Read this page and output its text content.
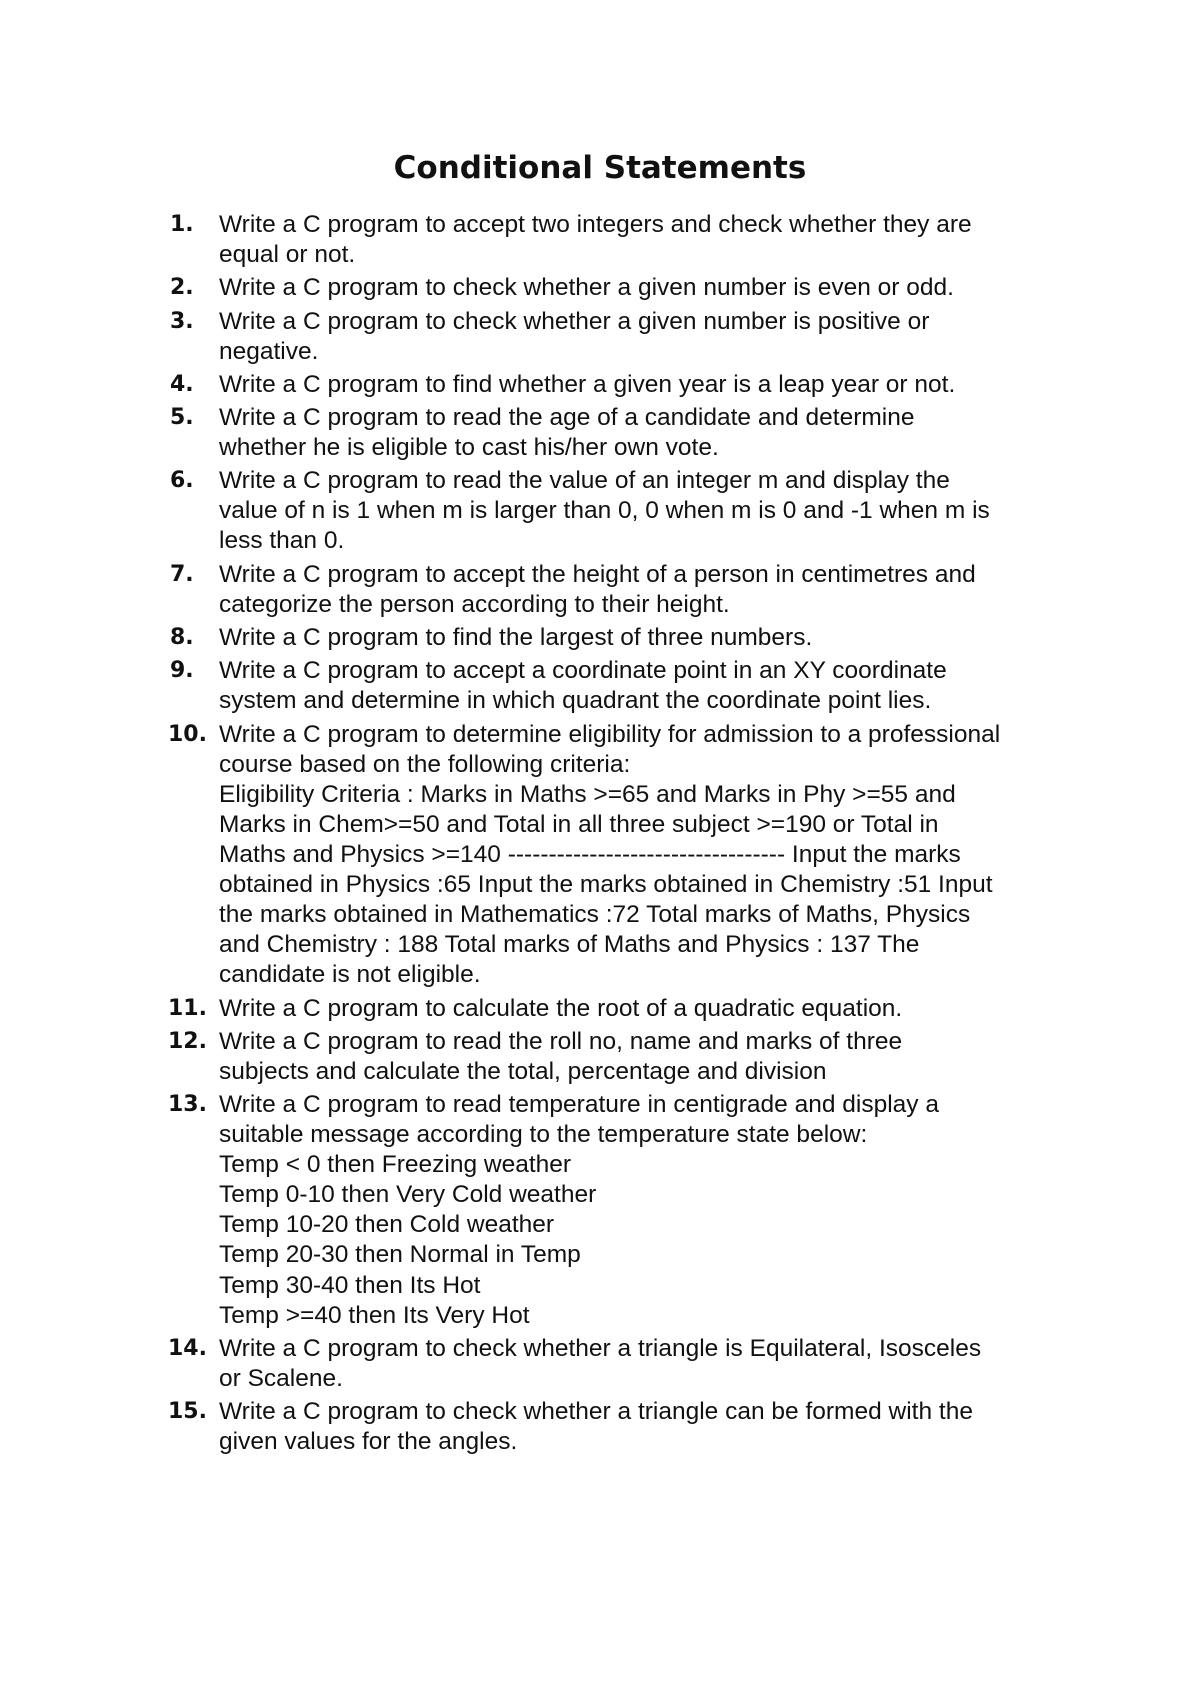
Conditional Statements
1.	Write a C program to accept two integers and check whether they are
equal or not.
2.	Write a C program to check whether a given number is even or odd.
3.	Write a C program to check whether a given number is positive or
negative.
4.	Write a C program to find whether a given year is a leap year or not.
5.	Write a C program to read the age of a candidate and determine
whether he is eligible to cast his/her own vote.
6.	Write a C program to read the value of an integer m and display the
value of n is 1 when m is larger than 0, 0 when m is 0 and -1 when m is
less than 0.
7.	Write a C program to accept the height of a person in centimetres and
categorize the person according to their height.
8.	Write a C program to find the largest of three numbers.
9.	Write a C program to accept a coordinate point in an XY coordinate
system and determine in which quadrant the coordinate point lies.
10. Write a C program to determine eligibility for admission to a professional
course based on the following criteria:
Eligibility Criteria : Marks in Maths >=65 and Marks in Phy >=55 and
Marks in Chem>=50 and Total in all three subject >=190 or Total in
Maths and Physics >=140 ---------------------------------- Input the marks
obtained in Physics :65 Input the marks obtained in Chemistry :51 Input
the marks obtained in Mathematics :72 Total marks of Maths, Physics
and Chemistry : 188 Total marks of Maths and Physics : 137 The
candidate is not eligible.
11. Write a C program to calculate the root of a quadratic equation.
12. Write a C program to read the roll no, name and marks of three
subjects and calculate the total, percentage and division
13. Write a C program to read temperature in centigrade and display a
suitable message according to the temperature state below:
Temp < 0 then Freezing weather
Temp 0-10 then Very Cold weather
Temp 10-20 then Cold weather
Temp 20-30 then Normal in Temp
Temp 30-40 then Its Hot
Temp >=40 then Its Very Hot
14. Write a C program to check whether a triangle is Equilateral, Isosceles
or Scalene.
15. Write a C program to check whether a triangle can be formed with the
given values for the angles.
